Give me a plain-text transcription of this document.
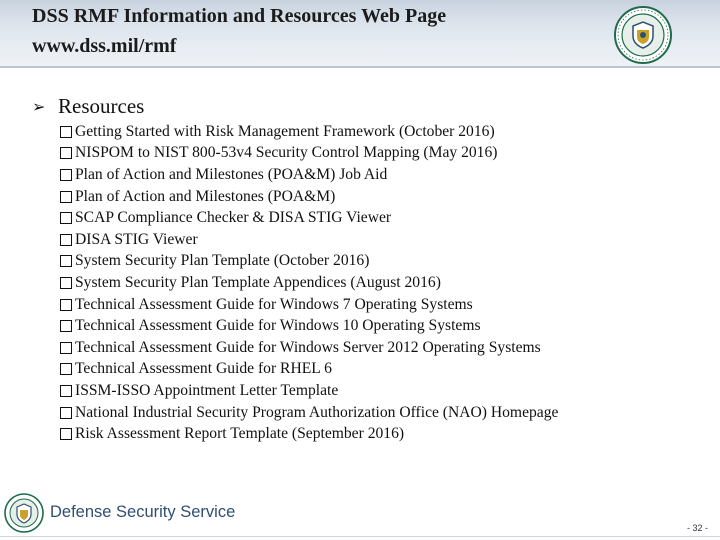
DSS RMF Information and Resources Web Page
www.dss.mil/rmf
➢ Resources
Getting Started with Risk Management Framework (October 2016)
NISPOM to NIST 800-53v4 Security Control Mapping (May 2016)
Plan of Action and Milestones (POA&M) Job Aid
Plan of Action and Milestones (POA&M)
SCAP Compliance Checker & DISA STIG Viewer
DISA STIG Viewer
System Security Plan Template (October 2016)
System Security Plan Template Appendices (August 2016)
Technical Assessment Guide for Windows 7 Operating Systems
Technical Assessment Guide for Windows 10 Operating Systems
Technical Assessment Guide for Windows Server 2012 Operating Systems
Technical Assessment Guide for RHEL 6
ISSM-ISSO Appointment Letter Template
National Industrial Security Program Authorization Office (NAO) Homepage
Risk Assessment Report Template (September 2016)
Defense Security Service
- 32 -
